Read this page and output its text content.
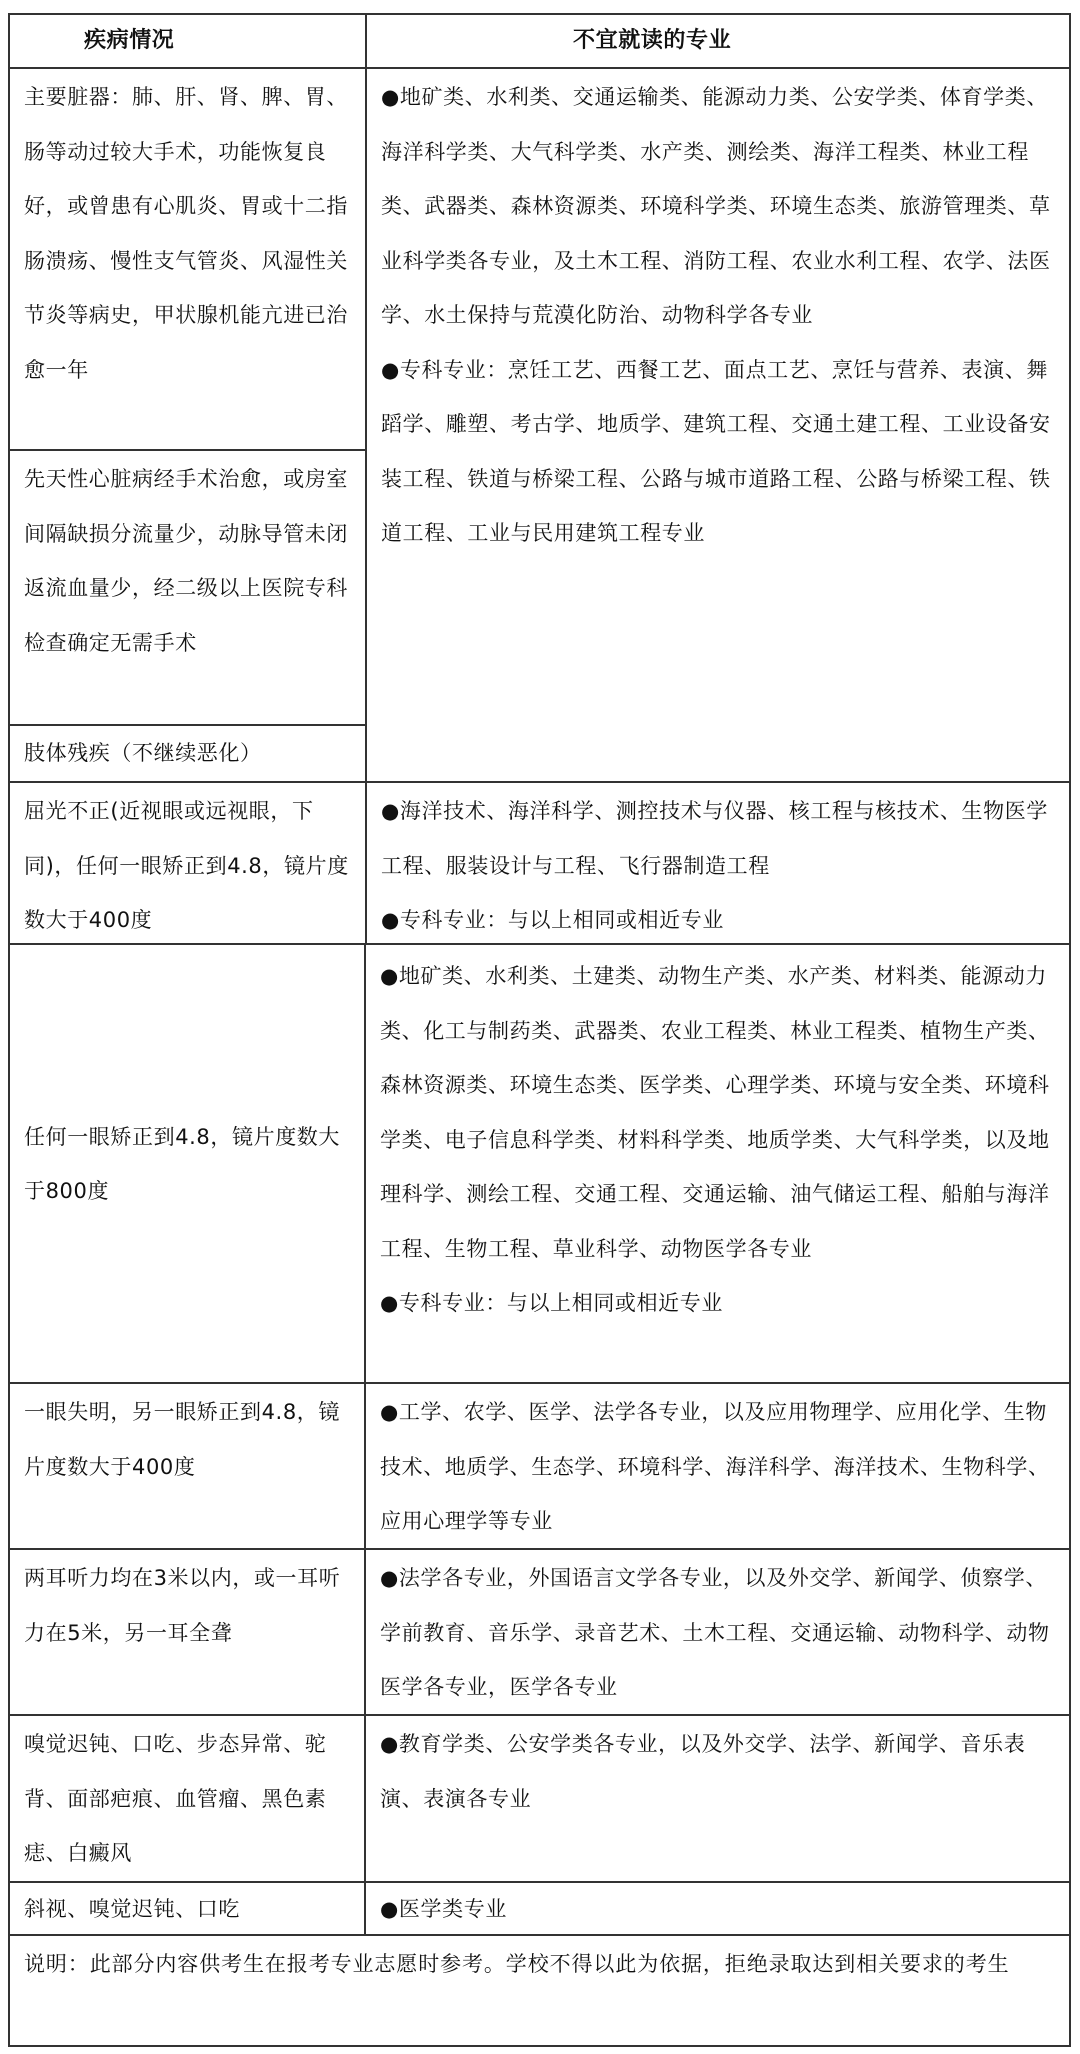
疾病情况	不宜就读的专业
主要脏器：肺、肝、肾、脾、胃、肠等动过较大手术，功能恢复良好，或曾患有心肌炎、胃或十二指肠溃疡、慢性支气管炎、风湿性关节炎等病史，甲状腺机能亢进已治愈一年
先天性心脏病经手术治愈，或房室间隔缺损分流量少，动脉导管未闭返流血量少，经二级以上医院专科检查确定无需手术
肢体残疾（不继续恶化）
●地矿类、水利类、交通运输类、能源动力类、公安学类、体育学类、海洋科学类、大气科学类、水产类、测绘类、海洋工程类、林业工程类、武器类、森林资源类、环境科学类、环境生态类、旅游管理类、草业科学类各专业，及土木工程、消防工程、农业水利工程、农学、法医学、水土保持与荒漠化防治、动物科学各专业
●专科专业：烹饪工艺、西餐工艺、面点工艺、烹饪与营养、表演、舞蹈学、雕塑、考古学、地质学、建筑工程、交通土建工程、工业设备安装工程、铁道与桥梁工程、公路与城市道路工程、公路与桥梁工程、铁道工程、工业与民用建筑工程专业
屈光不正(近视眼或远视眼，下同)，任何一眼矫正到4.8，镜片度数大于400度
●海洋技术、海洋科学、测控技术与仪器、核工程与核技术、生物医学工程、服装设计与工程、飞行器制造工程
●专科专业：与以上相同或相近专业
任何一眼矫正到4.8，镜片度数大于800度
●地矿类、水利类、土建类、动物生产类、水产类、材料类、能源动力类、化工与制药类、武器类、农业工程类、林业工程类、植物生产类、森林资源类、环境生态类、医学类、心理学类、环境与安全类、环境科学类、电子信息科学类、材料科学类、地质学类、大气科学类，以及地理科学、测绘工程、交通工程、交通运输、油气储运工程、船舶与海洋工程、生物工程、草业科学、动物医学各专业
●专科专业：与以上相同或相近专业
一眼失明，另一眼矫正到4.8，镜片度数大于400度
●工学、农学、医学、法学各专业，以及应用物理学、应用化学、生物技术、地质学、生态学、环境科学、海洋科学、海洋技术、生物科学、应用心理学等专业
两耳听力均在3米以内，或一耳听力在5米，另一耳全聋
●法学各专业，外国语言文学各专业，以及外交学、新闻学、侦察学、学前教育、音乐学、录音艺术、土木工程、交通运输、动物科学、动物医学各专业，医学各专业
嗅觉迟钝、口吃、步态异常、驼背、面部疤痕、血管瘤、黑色素痣、白癜风
●教育学类、公安学类各专业，以及外交学、法学、新闻学、音乐表演、表演各专业
斜视、嗅觉迟钝、口吃	●医学类专业
说明：此部分内容供考生在报考专业志愿时参考。学校不得以此为依据，拒绝录取达到相关要求的考生
